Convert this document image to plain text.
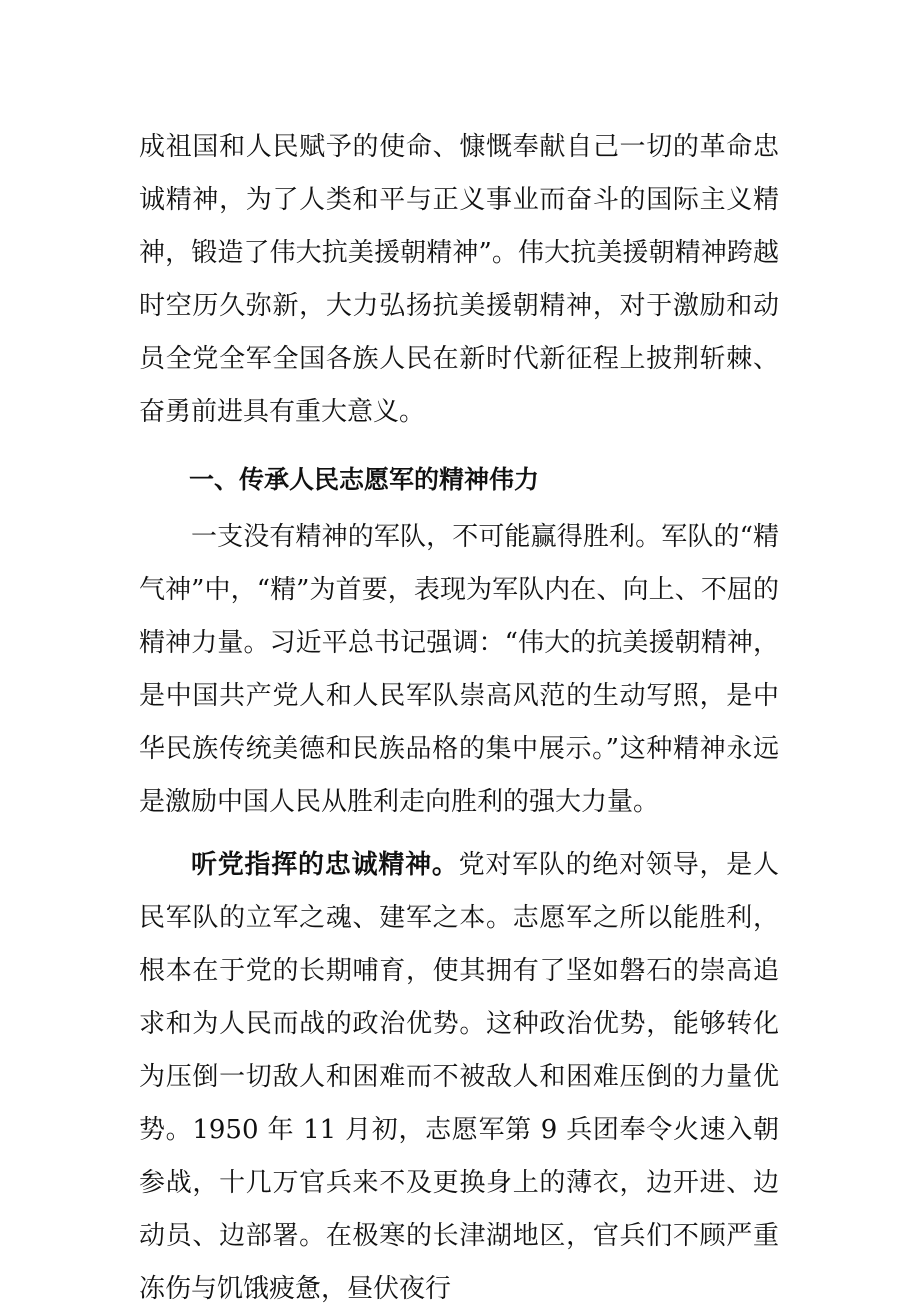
成祖国和人民赋予的使命、慷慨奉献自己一切的革命忠诚精神，为了人类和平与正义事业而奋斗的国际主义精神，锻造了伟大抗美援朝精神”。伟大抗美援朝精神跨越时空历久弥新，大力弘扬抗美援朝精神，对于激励和动员全党全军全国各族人民在新时代新征程上披荆斩棘、奋勇前进具有重大意义。

一、传承人民志愿军的精神伟力

一支没有精神的军队，不可能赢得胜利。军队的“精气神”中，“精”为首要，表现为军队内在、向上、不屈的精神力量。习近平总书记强调：“伟大的抗美援朝精神，是中国共产党人和人民军队崇高风范的生动写照，是中华民族传统美德和民族品格的集中展示。”这种精神永远是激励中国人民从胜利走向胜利的强大力量。

听党指挥的忠诚精神。党对军队的绝对领导，是人民军队的立军之魂、建军之本。志愿军之所以能胜利，根本在于党的长期哺育，使其拥有了坚如磐石的崇高追求和为人民而战的政治优势。这种政治优势，能够转化为压倒一切敌人和困难而不被敌人和困难压倒的力量优势。1950 年 11 月初，志愿军第 9 兵团奉令火速入朝参战，十几万官兵来不及更换身上的薄衣，边开进、边动员、边部署。在极寒的长津湖地区，官兵们不顾严重冻伤与饥饿疲惫，昼伏夜行
